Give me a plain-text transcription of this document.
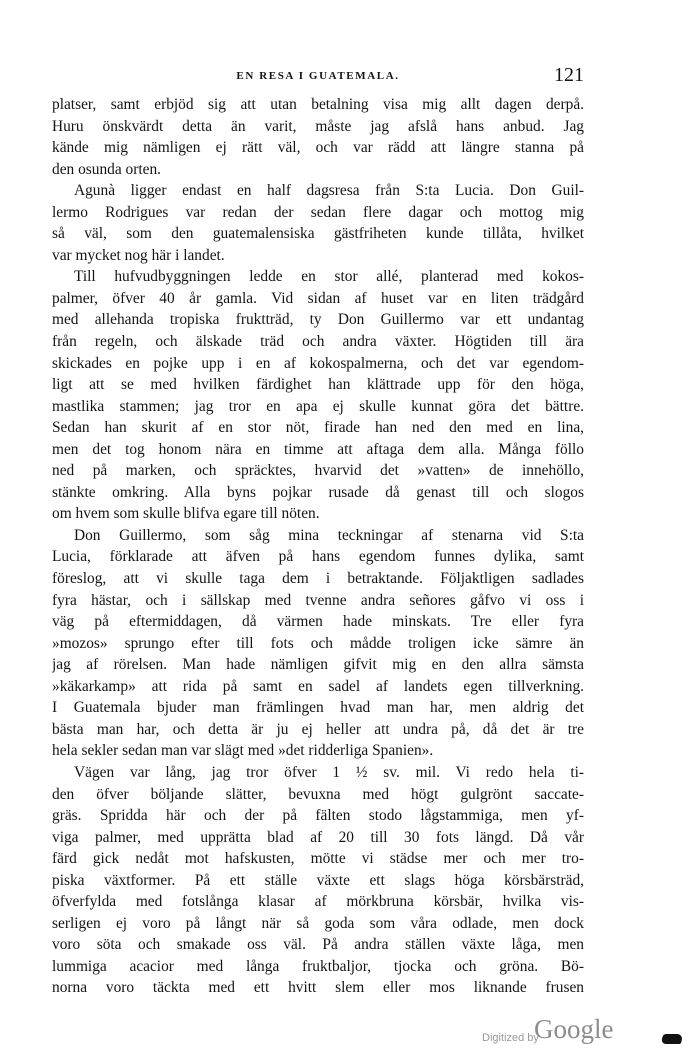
EN RESA I GUATEMALA.	121
platser, samt erbjöd sig att utan betalning visa mig allt dagen derpå.
Huru önskvärdt detta än varit, måste jag afslå hans anbud. Jag
kände mig nämligen ej rätt väl, och var rädd att längre stanna på
den osunda orten.
Agunà ligger endast en half dagsresa från S:ta Lucia. Don Guil-
lermo Rodrigues var redan der sedan flere dagar och mottog mig
så väl, som den guatemalensiska gästfriheten kunde tillåta, hvilket
var mycket nog här i landet.
Till hufvudbyggningen ledde en stor allé, planterad med kokos-
palmer, öfver 40 år gamla. Vid sidan af huset var en liten trädgård
med allehanda tropiska fruktträd, ty Don Guillermo var ett undantag
från regeln, och älskade träd och andra växter. Högtiden till ära
skickades en pojke upp i en af kokospalmerna, och det var egendom-
ligt att se med hvilken färdighet han klättrade upp för den höga,
mastlika stammen; jag tror en apa ej skulle kunnat göra det bättre.
Sedan han skurit af en stor nöt, firade han ned den med en lina,
men det tog honom nära en timme att aftaga dem alla. Många föllo
ned på marken, och spräcktes, hvarvid det »vatten» de innehöllo,
stänkte omkring. Alla byns pojkar rusade då genast till och slogos
om hvem som skulle blifva egare till nöten.
Don Guillermo, som såg mina teckningar af stenarna vid S:ta
Lucia, förklarade att äfven på hans egendom funnes dylika, samt
föreslog, att vi skulle taga dem i betraktande. Följaktligen sadlades
fyra hästar, och i sällskap med tvenne andra señores gåfvo vi oss i
väg på eftermiddagen, då värmen hade minskats. Tre eller fyra
»mozos» sprungo efter till fots och mådde troligen icke sämre än
jag af rörelsen. Man hade nämligen gifvit mig en den allra sämsta
»käkarkamp» att rida på samt en sadel af landets egen tillverkning.
I Guatemala bjuder man främlingen hvad man har, men aldrig det
bästa man har, och detta är ju ej heller att undra på, då det är tre
hela sekler sedan man var slägt med »det ridderliga Spanien».
Vägen var lång, jag tror öfver 1 ½ sv. mil. Vi redo hela ti-
den öfver böljande slätter, bevuxna med högt gulgrönt saccate-
gräs. Spridda här och der på fälten stodo lågstammiga, men yf-
viga palmer, med upprätta blad af 20 till 30 fots längd. Då vår
färd gick nedåt mot hafskusten, mötte vi städse mer och mer tro-
piska växtformer. På ett ställe växte ett slags höga körsbärsträd,
öfverfylda med fotslånga klasar af mörkbruna körsbär, hvilka vis-
serligen ej voro på långt när så goda som våra odlade, men dock
voro söta och smakade oss väl. På andra ställen växte låga, men
lummiga acacior med långa fruktbaljor, tjocka och gröna. Bö-
norna voro täckta med ett hvitt slem eller mos liknande frusen
Digitized by
Google
